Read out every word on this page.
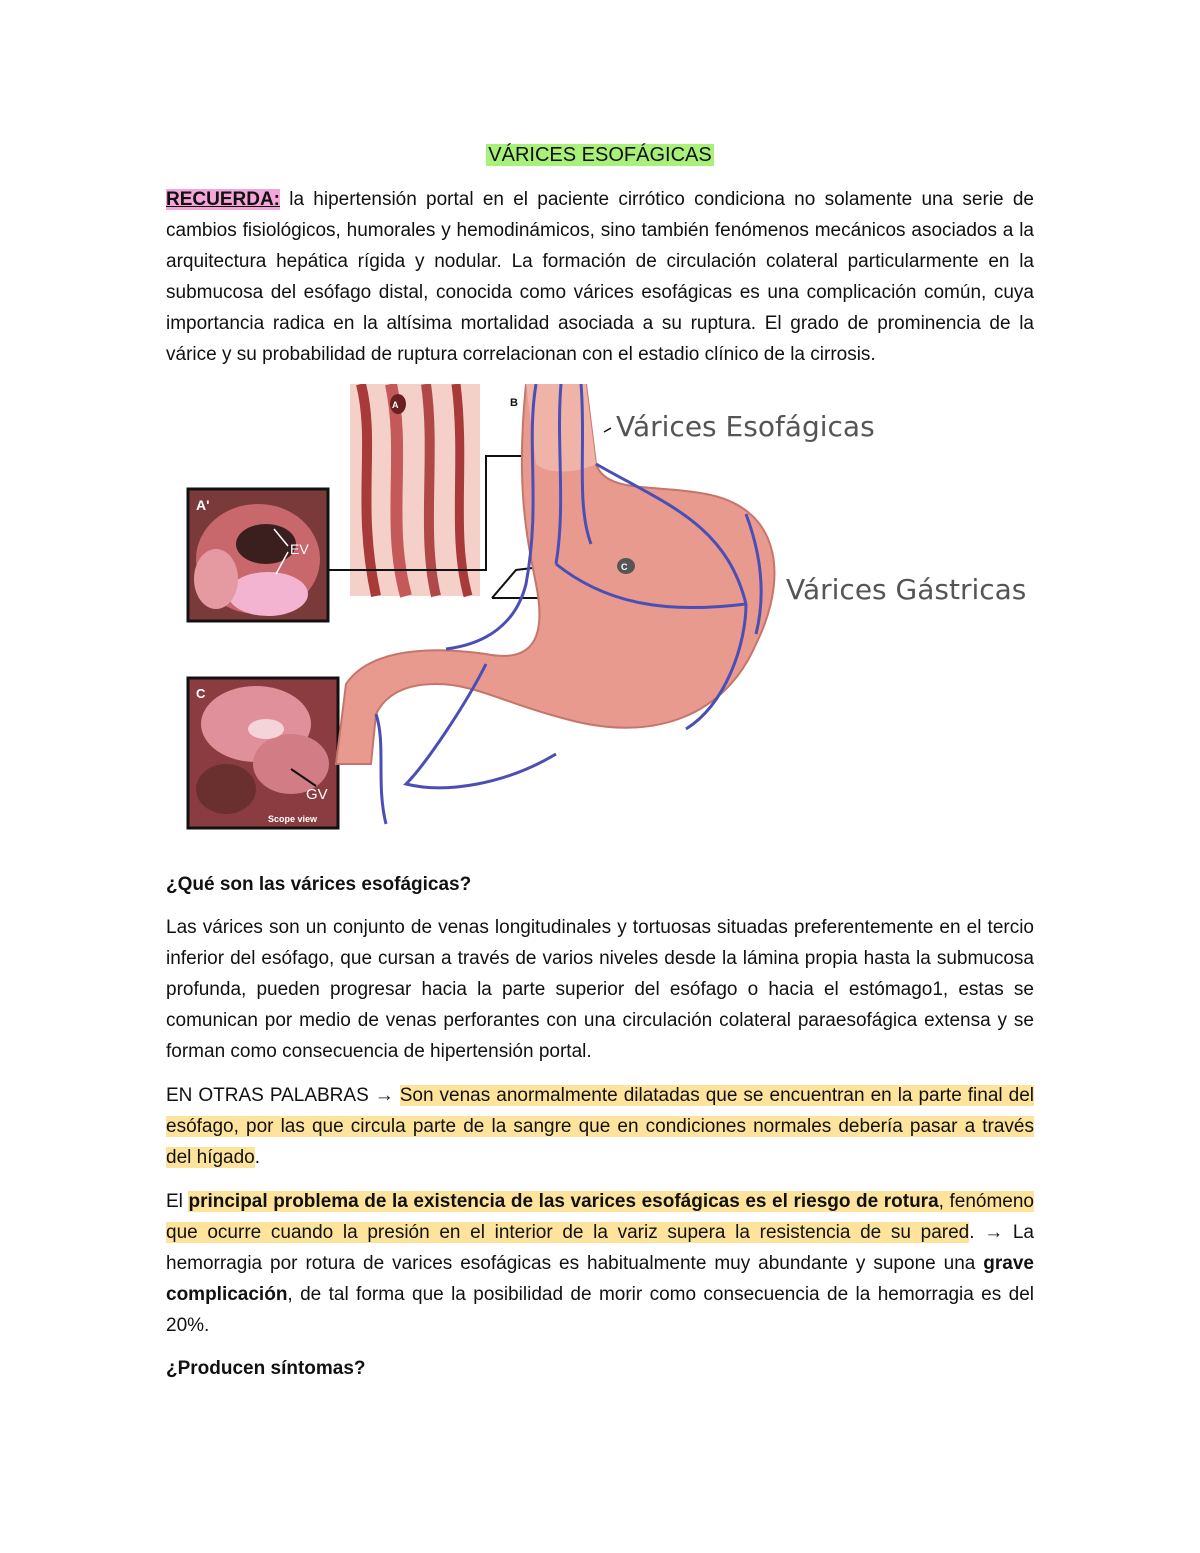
VÁRICES ESOFÁGICAS

RECUERDA: la hipertensión portal en el paciente cirrótico condiciona no solamente una serie de cambios fisiológicos, humorales y hemodinámicos, sino también fenómenos mecánicos asociados a la arquitectura hepática rígida y nodular. La formación de circulación colateral particularmente en la submucosa del esófago distal, conocida como várices esofágicas es una complicación común, cuya importancia radica en la altísima mortalidad asociada a su ruptura. El grado de prominencia de la várice y su probabilidad de ruptura correlacionan con el estadio clínico de la cirrosis.

A'
EV
C
GV
Scope view
A
C
B
Várices Esofágicas
Várices Gástricas
¿Qué son las várices esofágicas?

Las várices son un conjunto de venas longitudinales y tortuosas situadas preferentemente en el tercio inferior del esófago, que cursan a través de varios niveles desde la lámina propia hasta la submucosa profunda, pueden progresar hacia la parte superior del esófago o hacia el estómago1, estas se comunican por medio de venas perforantes con una circulación colateral paraesofágica extensa y se forman como consecuencia de hipertensión portal.

EN OTRAS PALABRAS → Son venas anormalmente dilatadas que se encuentran en la parte final del esófago, por las que circula parte de la sangre que en condiciones normales debería pasar a través del hígado.

El principal problema de la existencia de las varices esofágicas es el riesgo de rotura, fenómeno que ocurre cuando la presión en el interior de la variz supera la resistencia de su pared. → La hemorragia por rotura de varices esofágicas es habitualmente muy abundante y supone una grave complicación, de tal forma que la posibilidad de morir como consecuencia de la hemorragia es del 20%.

¿Producen síntomas?
